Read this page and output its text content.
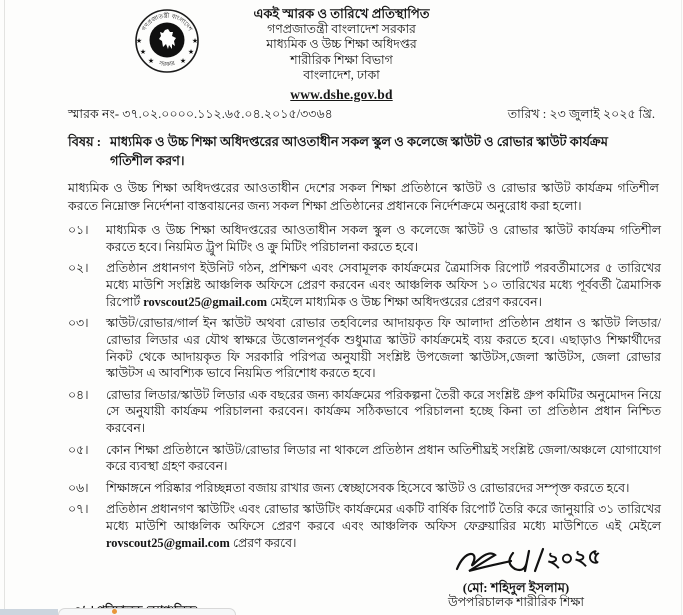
গণপ্রজাতন্ত্রী বাংলাদেশ
সরকার
★
★
★
★
★
★
একই স্মারক ও তারিখে প্রতিস্থাপিত
গণপ্রজাতন্ত্রী বাংলাদেশ সরকার
মাধ্যমিক ও উচ্চ শিক্ষা অধিদপ্তর
শারীরিক শিক্ষা বিভাগ
বাংলাদেশ, ঢাকা
www.dshe.gov.bd
স্মারক নং- ৩৭.০২.০০০০.১১২.৬৫.০৪.২০১৫/৩৩৬৪	তারিখ : ২৩ জুলাই ২০২৫ খ্রি.
বিষয় : মাধ্যমিক ও উচ্চ শিক্ষা অধিদপ্তরের আওতাধীন সকল স্কুল ও কলেজে স্কাউট ও রোভার স্কাউট কার্যক্রম গতিশীল করণ।
মাধ্যমিক ও উচ্চ শিক্ষা অধিদপ্তরের আওতাধীন দেশের সকল শিক্ষা প্রতিষ্ঠানে স্কাউট ও রোভার স্কাউট কার্যক্রম গতিশীল করতে নিম্নোক্ত নির্দেশনা বাস্তবায়নের জন্য সকল শিক্ষা প্রতিষ্ঠানের প্রধানকে নির্দেশক্রমে অনুরোধ করা হলো।
০১।	মাধ্যমিক ও উচ্চ শিক্ষা অধিদপ্তরের আওতাধীন সকল স্কুল ও কলেজে স্কাউট ও রোভার স্কাউট কার্যক্রম গতিশীল করতে হবে। নিয়মিত ট্রুপ মিটিং ও ক্রু মিটিং পরিচালনা করতে হবে।
০২।	প্রতিষ্ঠান প্রধানগণ ইউনিট গঠন, প্রশিক্ষণ এবং সেবামূলক কার্যক্রমের ত্রৈমাসিক রিপোর্ট পরবর্তীমাসের ৫ তারিখের মধ্যে মাউশি সংশ্লিষ্ট আঞ্চলিক অফিসে প্রেরণ করবেন এবং আঞ্চলিক অফিস ১০ তারিখের মধ্যে পূর্ববর্তী ত্রৈমাসিক রিপোর্ট rovscout25@gmail.com মেইলে মাধ্যমিক ও উচ্চ শিক্ষা অধিদপ্তরের প্রেরণ করবেন।
০৩।	স্কাউট/রোভার/গার্ল ইন স্কাউট অথবা রোভার তহবিলের আদায়কৃত ফি আলাদা প্রতিষ্ঠান প্রধান ও স্কাউট লিডার/রোভার লিডার এর যৌথ স্বাক্ষরে উত্তোলনপূর্বক শুধুমাত্র স্কাউট কার্যক্রমেই ব্যয় করতে হবে। এছাড়াও শিক্ষার্থীদের নিকট থেকে আদায়কৃত ফি সরকারি পরিপত্র অনুযায়ী সংশ্লিষ্ট উপজেলা স্কাউটস,জেলা স্কাউটস, জেলা রোভার স্কাউটস এ আবশ্যিক ভাবে নিয়মিত পরিশোধ করতে হবে।
০৪।	রোভার লিডার/স্কাউট লিডার এক বছরের জন্য কার্যক্রমের পরিকল্পনা তৈরী করে সংশ্লিষ্ট গ্রুপ কমিটির অনুমোদন নিয়ে সে অনুযায়ী কার্যক্রম পরিচালনা করবেন। কার্যক্রম সঠিকভাবে পরিচালনা হচ্ছে কিনা তা প্রতিষ্ঠান প্রধান নিশ্চিত করবেন।
০৫।	কোন শিক্ষা প্রতিষ্ঠানে স্কাউট/রোভার লিডার না থাকলে প্রতিষ্ঠান প্রধান অতিশীঘ্রই সংশ্লিষ্ট জেলা/অঞ্চলে যোগাযোগ করে ব্যবস্থা গ্রহণ করবেন।
০৬।	শিক্ষাঙ্গনে পরিষ্কার পরিচ্ছন্নতা বজায় রাখার জন্য স্বেচ্ছাসেবক হিসেবে স্কাউট ও রোভারদের সম্পৃক্ত করতে হবে।
০৭।	প্রতিষ্ঠান প্রধানগণ স্কাউটিং এবং রোভার স্কাউটিং কার্যক্রমের একটি বার্ষিক রিপোর্ট তৈরি করে জানুয়ারি ৩১ তারিখের মধ্যে মাউশি আঞ্চলিক অফিসে প্রেরণ করবে এবং আঞ্চলিক অফিস ফেব্রুয়ারির মধ্যে মাউশিতে এই মেইলে rovscout25@gmail.com প্রেরণ করবে।
২০২৫
(মো: শহিদুল ইসলাম)
উপপরিচালক শারীরিক শিক্ষা
